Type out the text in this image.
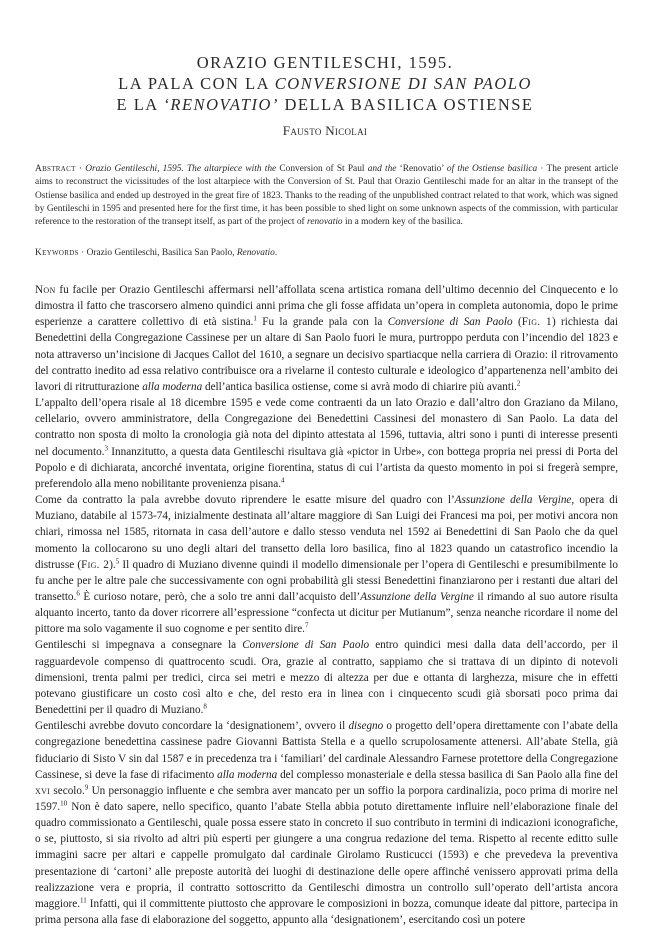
ORAZIO GENTILESCHI, 1595.
LA PALA CON LA CONVERSIONE DI SAN PAOLO
E LA ‘RENOVATIO’ DELLA BASILICA OSTIENSE
Fausto Nicolai
Abstract · Orazio Gentileschi, 1595. The altarpiece with the Conversion of St Paul and the ‘Renovatio’ of the Ostiense basilica · The present article aims to reconstruct the vicissitudes of the lost altarpiece with the Conversion of St. Paul that Orazio Gentileschi made for an altar in the transept of the Ostiense basilica and ended up destroyed in the great fire of 1823. Thanks to the reading of the unpublished contract related to that work, which was signed by Gentileschi in 1595 and presented here for the first time, it has been possible to shed light on some unknown aspects of the commission, with particular reference to the restoration of the transept itself, as part of the project of renovatio in a modern key of the basilica.
Keywords · Orazio Gentileschi, Basilica San Paolo, Renovatio.

Non fu facile per Orazio Gentileschi affermarsi nell’affollata scena artistica romana dell’ultimo decennio del Cinquecento e lo dimostra il fatto che trascorsero almeno quindici anni prima che gli fosse affidata un’opera in completa autonomia, dopo le prime esperienze a carattere collettivo di età sistina.$^1$ Fu la grande pala con la Conversione di San Paolo (Fig. 1) richiesta dai Benedettini della Congregazione Cassinese per un altare di San Paolo fuori le mura, purtroppo perduta con l’incendio del 1823 e nota attraverso un’incisione di Jacques Callot del 1610, a segnare un decisivo spartiacque nella carriera di Orazio: il ritrovamento del contratto inedito ad essa relativo contribuisce ora a rivelarne il contesto culturale e ideologico d’appartenenza nell’ambito dei lavori di ritrutturazione alla moderna dell’antica basilica ostiense, come si avrà modo di chiarire più avanti.$^2$

L’appalto dell’opera risale al 18 dicembre 1595 e vede come contraenti da un lato Orazio e dall’altro don Graziano da Milano, cellelario, ovvero amministratore, della Congregazione dei Benedettini Cassinesi del monastero di San Paolo. La data del contratto non sposta di molto la cronologia già nota del dipinto attestata al 1596, tuttavia, altri sono i punti di interesse presenti nel documento.$^3$ Innanzitutto, a questa data Gentileschi risultava già «pictor in Urbe», con bottega propria nei pressi di Porta del Popolo e di dichiarata, ancorché inventata, origine fiorentina, status di cui l’artista da questo momento in poi si fregerà sempre, preferendolo alla meno nobilitante provenienza pisana.$^4$

Come da contratto la pala avrebbe dovuto riprendere le esatte misure del quadro con l’Assunzione della Vergine, opera di Muziano, databile al 1573-74, inizialmente destinata all’altare maggiore di San Luigi dei Francesi ma poi, per motivi ancora non chiari, rimossa nel 1585, ritornata in casa dell’autore e dallo stesso venduta nel 1592 ai Benedettini di San Paolo che da quel momento la collocarono su uno degli altari del transetto della loro basilica, fino al 1823 quando un catastrofico incendio la distrusse (Fig. 2).$^5$ Il quadro di Muziano divenne quindi il modello dimensionale per l’opera di Gentileschi e presumibilmente lo fu anche per le altre pale che successivamente con ogni probabilità gli stessi Benedettini finanziarono per i restanti due altari del transetto.$^6$ È curioso notare, però, che a solo tre anni dall’acquisto dell’Assunzione della Vergine il rimando al suo autore risulta alquanto incerto, tanto da dover ricorrere all’espressione “confecta ut dicitur per Mutianum”, senza neanche ricordare il nome del pittore ma solo vagamente il suo cognome e per sentito dire.$^7$

Gentileschi si impegnava a consegnare la Conversione di San Paolo entro quindici mesi dalla data dell’accordo, per il ragguardevole compenso di quattrocento scudi. Ora, grazie al contratto, sappiamo che si trattava di un dipinto di notevoli dimensioni, trenta palmi per tredici, circa sei metri e mezzo di altezza per due e ottanta di larghezza, misure che in effetti potevano giustificare un costo così alto e che, del resto era in linea con i cinquecento scudi già sborsati poco prima dai Benedettini per il quadro di Muziano.$^8$

Gentileschi avrebbe dovuto concordare la ‘designationem’, ovvero il disegno o progetto dell’opera direttamente con l’abate della congregazione benedettina cassinese padre Giovanni Battista Stella e a quello scrupolosamente attenersi. All’abate Stella, già fiduciario di Sisto V sin dal 1587 e in precedenza tra i ‘familiari’ del cardinale Alessandro Farnese protettore della Congregazione Cassinese, si deve la fase di rifacimento alla moderna del complesso monasteriale e della stessa basilica di San Paolo alla fine del xvi secolo.$^9$ Un personaggio influente e che sembra aver mancato per un soffio la porpora cardinalizia, poco prima di morire nel 1597.10 Non è dato sapere, nello specifico, quanto l’abate Stella abbia potuto direttamente influire nell’elaborazione finale del quadro commissionato a Gentileschi, quale possa essere stato in concreto il suo contributo in termini di indicazioni iconografiche, o se, piuttosto, si sia rivolto ad altri più esperti per giungere a una congrua redazione del tema. Rispetto al recente editto sulle immagini sacre per altari e cappelle promulgato dal cardinale Girolamo Rusticucci (1593) e che prevedeva la preventiva presentazione di ‘cartoni’ alle preposte autorità dei luoghi di destinazione delle opere affinché venissero approvati prima della realizzazione vera e propria, il contratto sottoscritto da Gentileschi dimostra un controllo sull’operato dell’artista ancora maggiore.$^{11}$ Infatti, qui il committente piuttosto che approvare le composizioni in bozza, comunque ideate dal pittore, partecipa in prima persona alla fase di elaborazione del soggetto, appunto alla ‘designationem’, esercitando così un potere
